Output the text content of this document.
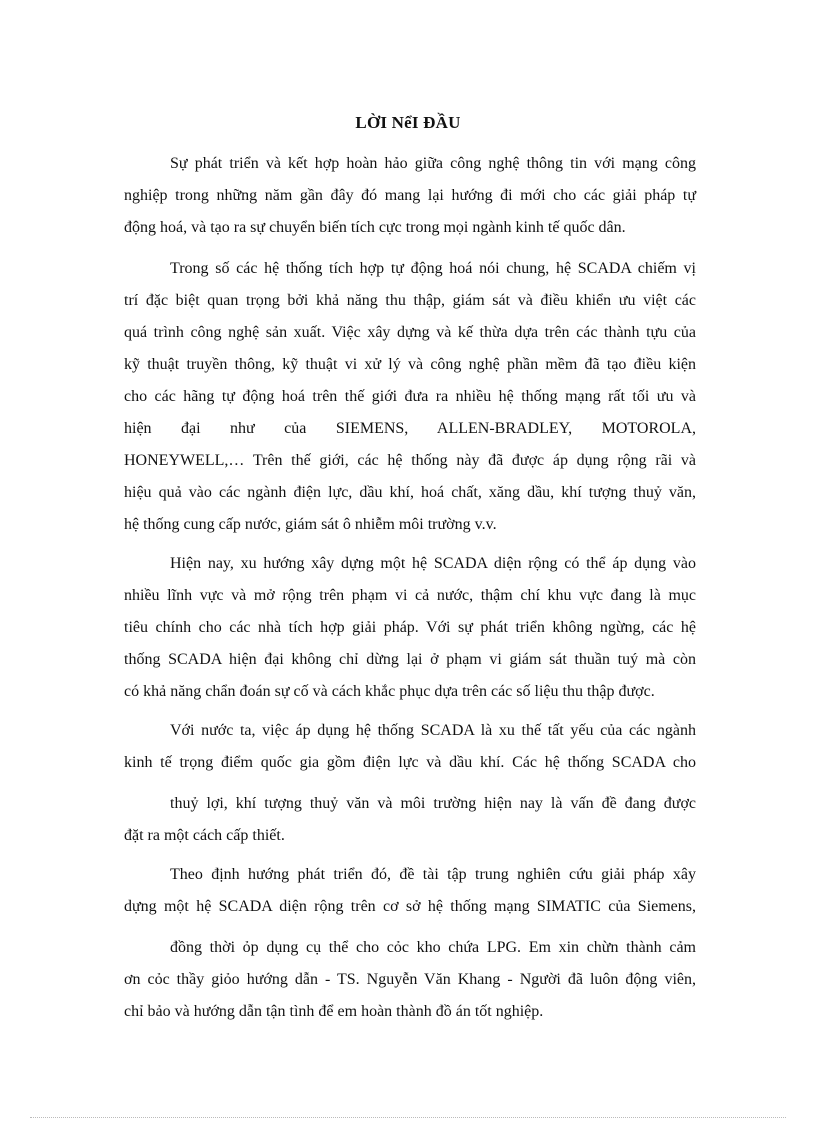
LỜI NểI ĐẦU
Sự phát triển và kết hợp hoàn hảo giữa công nghệ thông tin với mạng công
nghiệp trong những năm gần đây đó mang lại hướng đi mới cho các giải pháp tự
động hoá, và tạo ra sự chuyển biến tích cực trong mọi ngành kinh tế quốc dân.
Trong số các hệ thống tích hợp tự động hoá nói chung, hệ SCADA chiếm vị
trí đặc biệt quan trọng bởi khả năng thu thập, giám sát và điều khiển ưu việt các
quá trình công nghệ sản xuất. Việc xây dựng và kế thừa dựa trên các thành tựu của
kỹ thuật truyền thông, kỹ thuật vi xử lý và công nghệ phần mềm đã tạo điều kiện
cho các hãng tự động hoá trên thế giới đưa ra nhiều hệ thống mạng rất tối ưu và
hiện đại như của SIEMENS, ALLEN-BRADLEY, MOTOROLA,
HONEYWELL,… Trên thế giới, các hệ thống này đã được áp dụng rộng rãi và
hiệu quả vào các ngành điện lực, dầu khí, hoá chất, xăng dầu, khí tượng thuỷ văn,
hệ thống cung cấp nước, giám sát ô nhiễm môi trường v.v.
Hiện nay, xu hướng xây dựng một hệ SCADA diện rộng có thể áp dụng vào
nhiều lĩnh vực và mở rộng trên phạm vi cả nước, thậm chí khu vực đang là mục
tiêu chính cho các nhà tích hợp giải pháp. Với sự phát triển không ngừng, các hệ
thống SCADA hiện đại không chỉ dừng lại ở phạm vi giám sát thuần tuý mà còn
có khả năng chẩn đoán sự cố và cách khắc phục dựa trên các số liệu thu thập được.
Với nước ta, việc áp dụng hệ thống SCADA là xu thế tất yếu của các ngành
kinh tế trọng điểm quốc gia gồm điện lực và dầu khí. Các hệ thống SCADA cho
thuỷ lợi, khí tượng thuỷ văn và môi trường hiện nay là vấn đề đang được
đặt ra một cách cấp thiết.
Theo định hướng phát triển đó, đề tài tập trung nghiên cứu giải pháp xây
dựng một hệ SCADA diện rộng trên cơ sở hệ thống mạng SIMATIC của Siemens,
đồng thời ỏp dụng cụ thể cho cỏc kho chứa LPG. Em xin chừn thành cảm
ơn cỏc thầy giỏo hướng dẫn - TS. Nguyễn Văn Khang - Người đã luôn động viên,
chỉ bảo và hướng dẫn tận tình để em hoàn thành đồ án tốt nghiệp.
